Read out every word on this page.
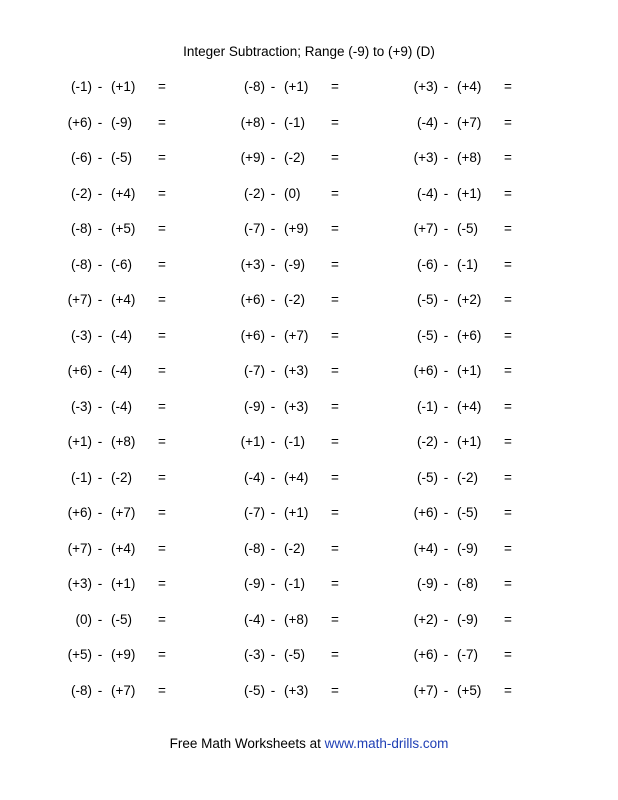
Integer Subtraction; Range (-9) to (+9) (D)
(-1) - (+1)	=	(-8) - (+1)	=	(+3) - (+4)	=
(+6) - (-9)	=	(+8) - (-1)	=	(-4) - (+7)	=
(-6) - (-5)	=	(+9) - (-2)	=	(+3) - (+8)	=
(-2) - (+4)	=	(-2) - (0)	=	(-4) - (+1)	=
(-8) - (+5)	=	(-7) - (+9)	=	(+7) - (-5)	=
(-8) - (-6)	=	(+3) - (-9)	=	(-6) - (-1)	=
(+7) - (+4)	=	(+6) - (-2)	=	(-5) - (+2)	=
(-3) - (-4)	=	(+6) - (+7)	=	(-5) - (+6)	=
(+6) - (-4)	=	(-7) - (+3)	=	(+6) - (+1)	=
(-3) - (-4)	=	(-9) - (+3)	=	(-1) - (+4)	=
(+1) - (+8)	=	(+1) - (-1)	=	(-2) - (+1)	=
(-1) - (-2)	=	(-4) - (+4)	=	(-5) - (-2)	=
(+6) - (+7)	=	(-7) - (+1)	=	(+6) - (-5)	=
(+7) - (+4)	=	(-8) - (-2)	=	(+4) - (-9)	=
(+3) - (+1)	=	(-9) - (-1)	=	(-9) - (-8)	=
(0) - (-5)	=	(-4) - (+8)	=	(+2) - (-9)	=
(+5) - (+9)	=	(-3) - (-5)	=	(+6) - (-7)	=
(-8) - (+7)	=	(-5) - (+3)	=	(+7) - (+5)	=
Free Math Worksheets at www.math-drills.com
